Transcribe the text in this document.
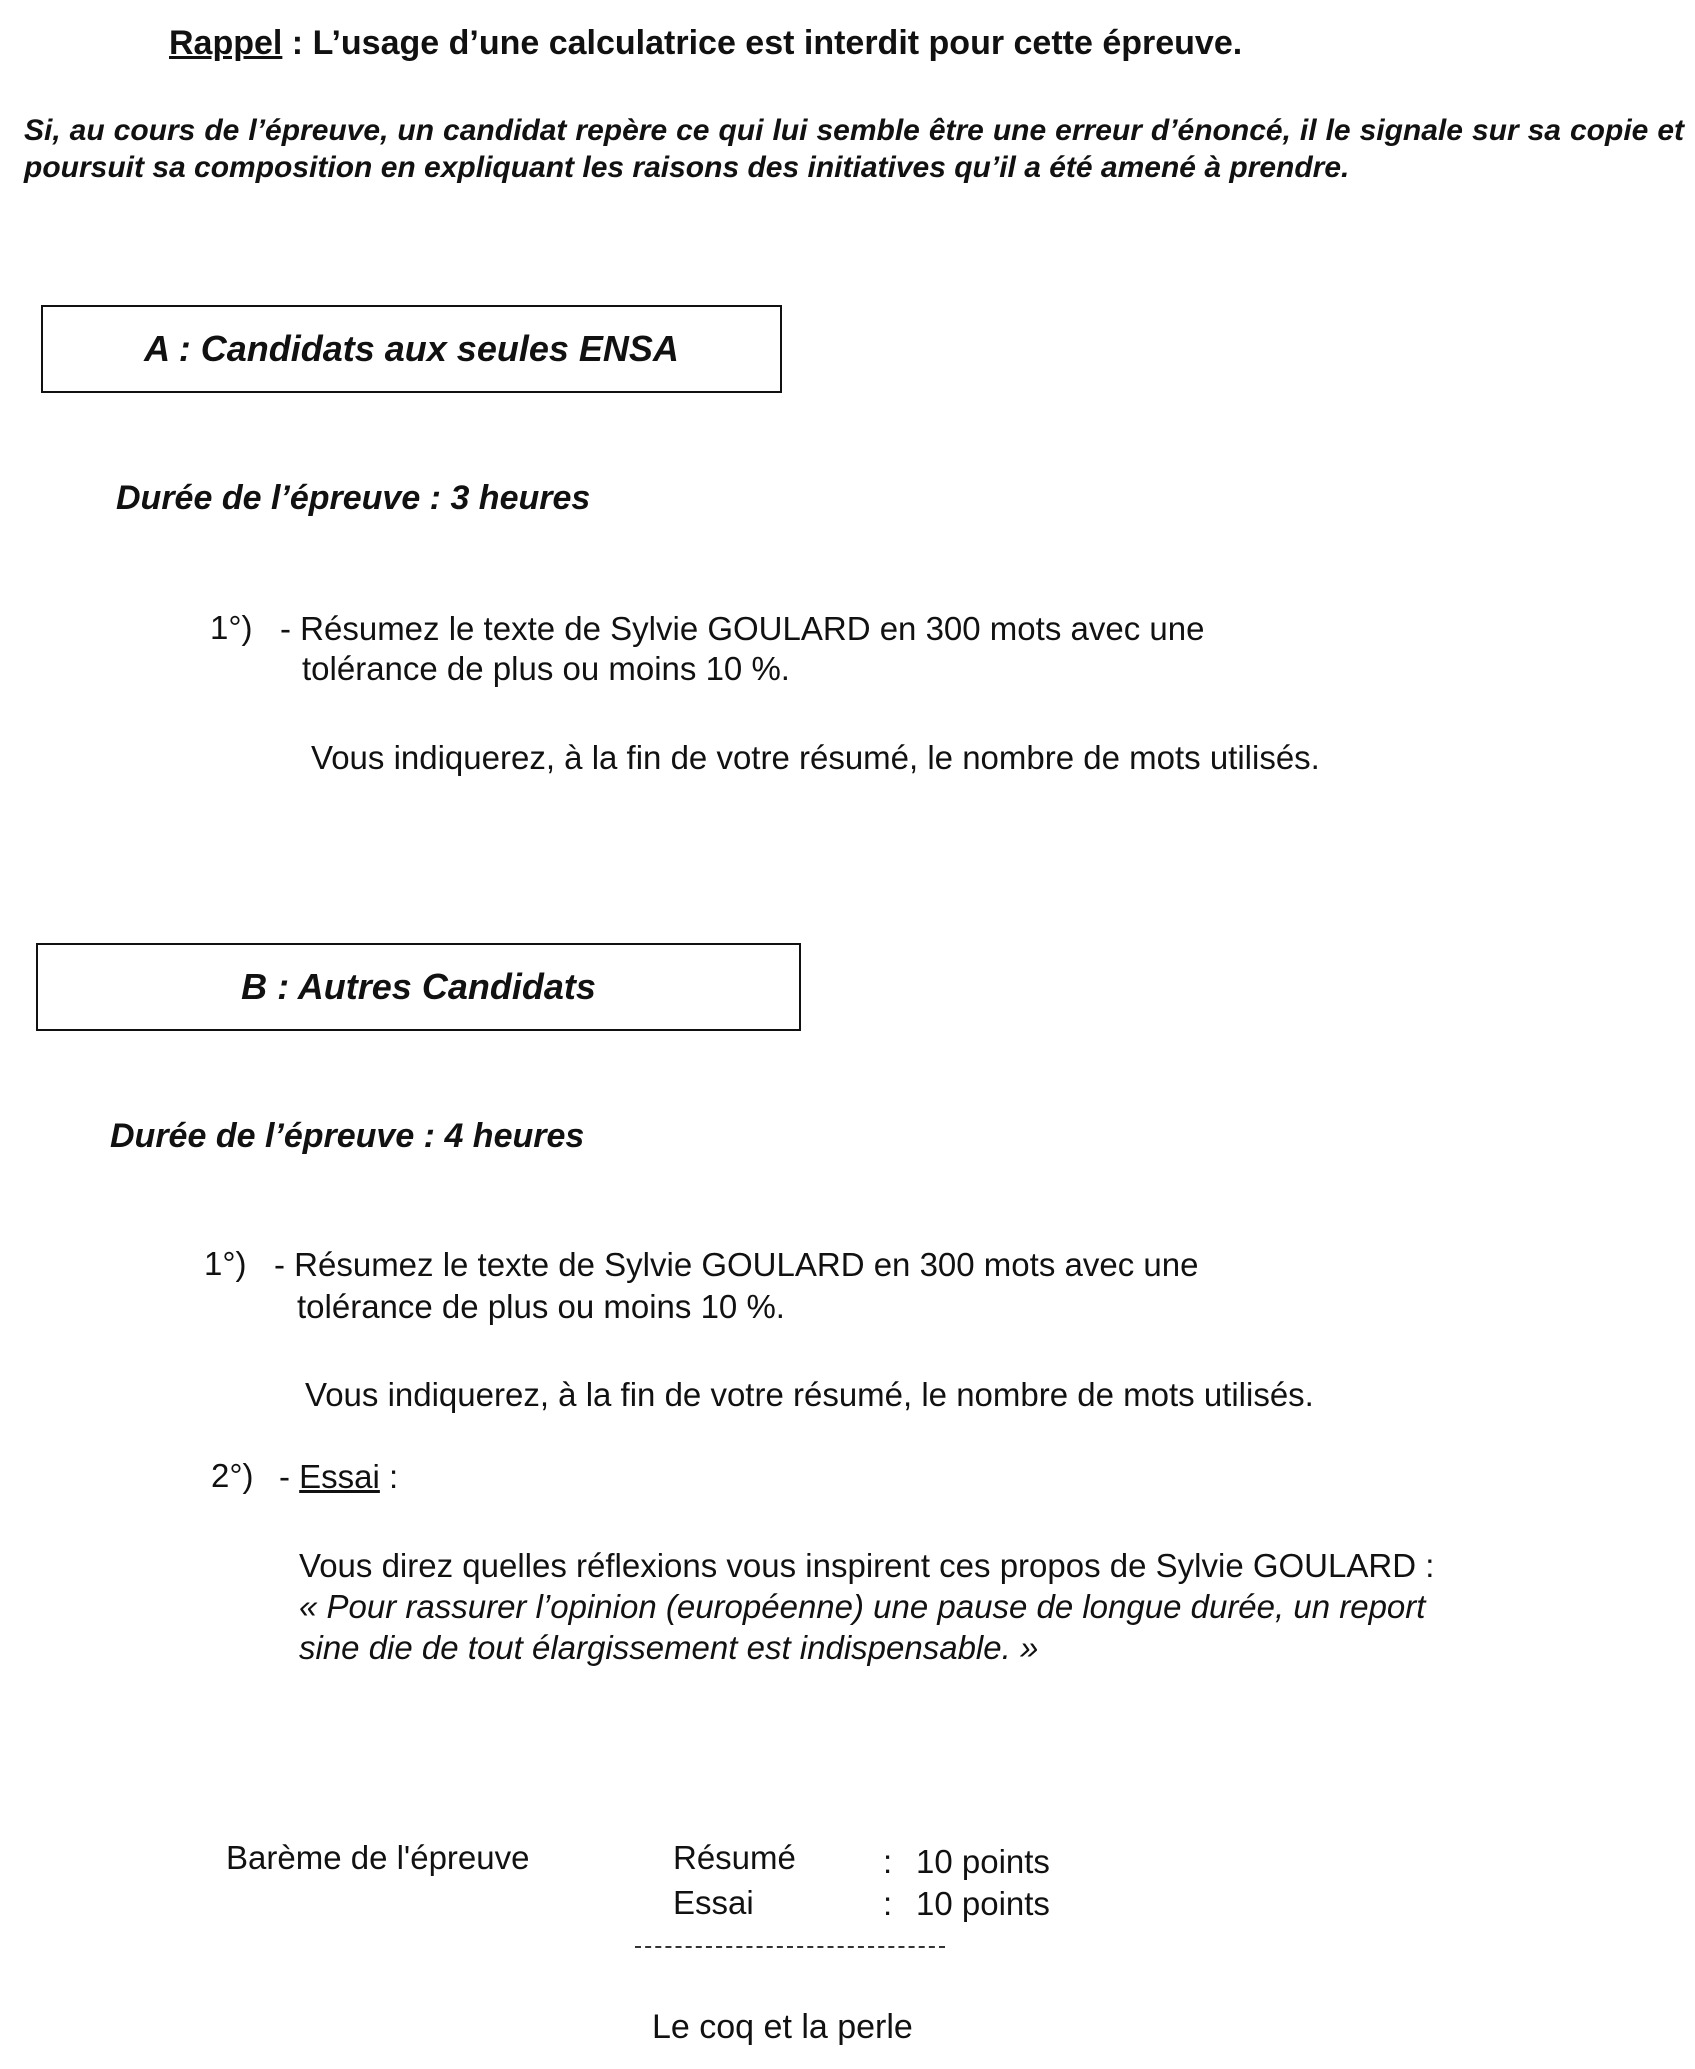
Rappel : L’usage d’une calculatrice est interdit pour cette épreuve.
Si, au cours de l’épreuve, un candidat repère ce qui lui semble être une erreur d’énoncé, il le signale sur sa copie et poursuit sa composition en expliquant les raisons des initiatives qu’il a été amené à prendre.
A : Candidats aux seules ENSA
Durée de l’épreuve : 3 heures
1°) - Résumez le texte de Sylvie GOULARD en 300 mots avec une
tolérance de plus ou moins 10 %.
Vous indiquerez, à la fin de votre résumé, le nombre de mots utilisés.
B : Autres Candidats
Durée de l’épreuve : 4 heures
1°) - Résumez le texte de Sylvie GOULARD en 300 mots avec une
tolérance de plus ou moins 10 %.
Vous indiquerez, à la fin de votre résumé, le nombre de mots utilisés.
2°) - Essai :
Vous direz quelles réflexions vous inspirent ces propos de Sylvie GOULARD :
« Pour rassurer l’opinion (européenne) une pause de longue durée, un report
sine die de tout élargissement est indispensable. »
Barème de l'épreuve	Résumé	: 10 points
Essai	: 10 points
Le coq et la perle
